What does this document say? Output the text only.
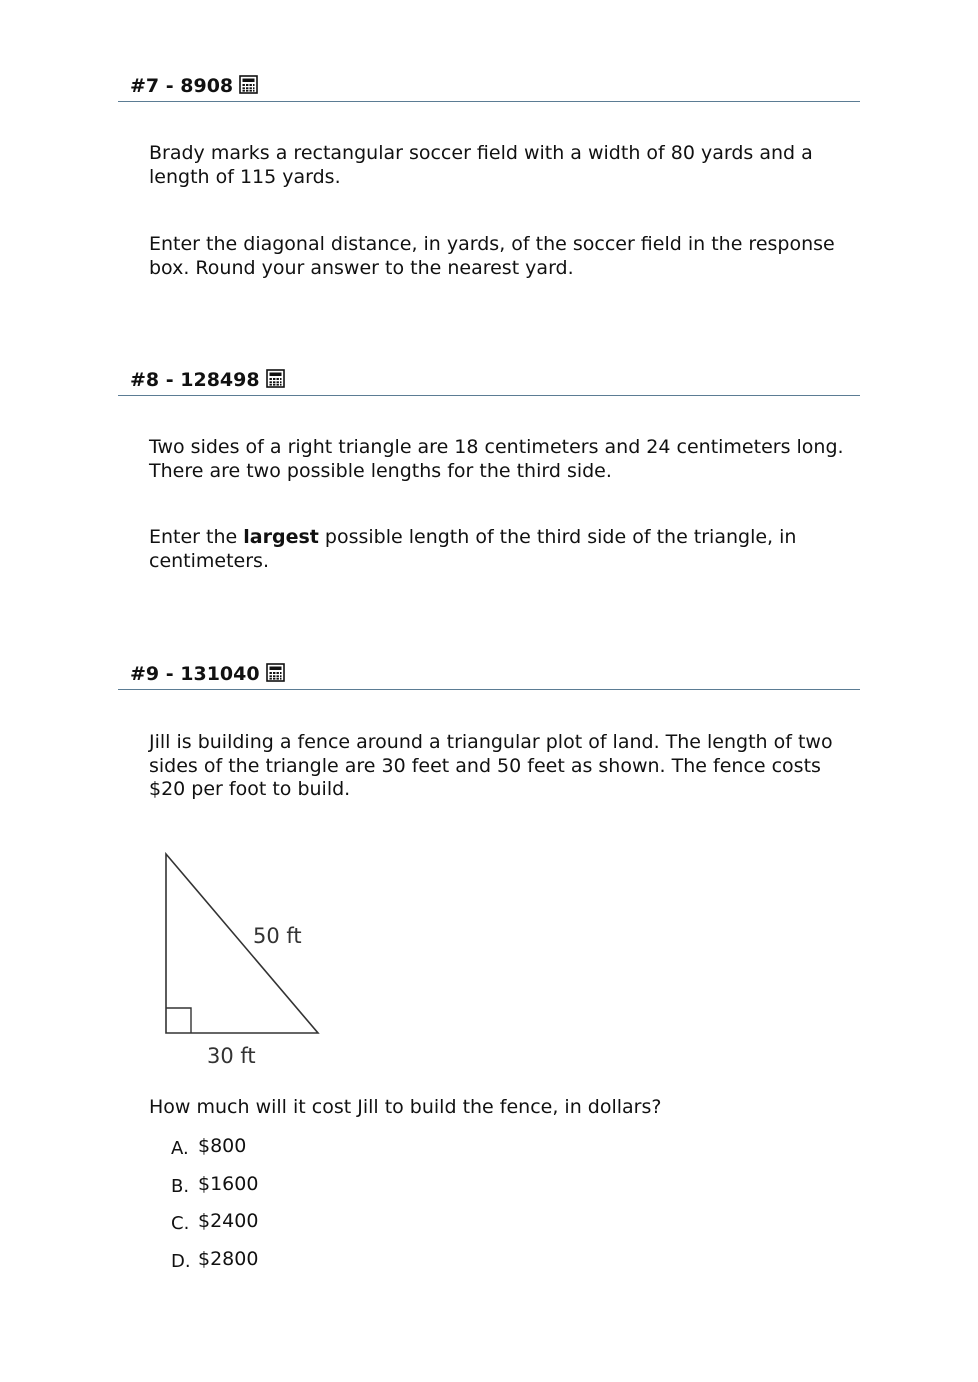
#7 - 8908

Brady marks a rectangular soccer field with a width of 80 yards and a length of 115 yards.

Enter the diagonal distance, in yards, of the soccer field in the response box. Round your answer to the nearest yard.

#8 - 128498

Two sides of a right triangle are 18 centimeters and 24 centimeters long. There are two possible lengths for the third side.

Enter the largest possible length of the third side of the triangle, in centimeters.

#9 - 131040

Jill is building a fence around a triangular plot of land. The length of two sides of the triangle are 30 feet and 50 feet as shown. The fence costs $20 per foot to build.

50 ft
30 ft

How much will it cost Jill to build the fence, in dollars?

A. $800
B. $1600
C. $2400
D. $2800
